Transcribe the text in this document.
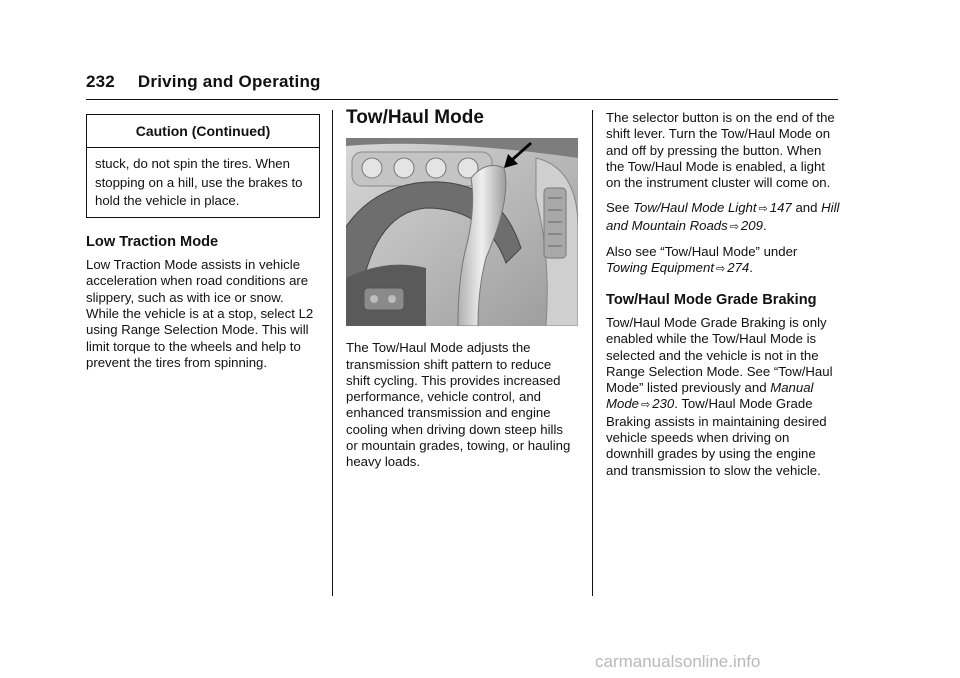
232 Driving and Operating
Caution (Continued)
stuck, do not spin the tires. When stopping on a hill, use the brakes to hold the vehicle in place.
Low Traction Mode

Low Traction Mode assists in vehicle acceleration when road conditions are slippery, such as with ice or snow. While the vehicle is at a stop, select L2 using Range Selection Mode. This will limit torque to the wheels and help to prevent the tires from spinning.

Tow/Haul Mode

The Tow/Haul Mode adjusts the transmission shift pattern to reduce shift cycling. This provides increased performance, vehicle control, and enhanced transmission and engine cooling when driving down steep hills or mountain grades, towing, or hauling heavy loads.

The selector button is on the end of the shift lever. Turn the Tow/Haul Mode on and off by pressing the button. When the Tow/Haul Mode is enabled, a light on the instrument cluster will come on.

See Tow/Haul Mode Light ⇨ 147 and Hill and Mountain Roads ⇨ 209.

Also see “Tow/Haul Mode” under Towing Equipment ⇨ 274.

Tow/Haul Mode Grade Braking

Tow/Haul Mode Grade Braking is only enabled while the Tow/Haul Mode is selected and the vehicle is not in the Range Selection Mode. See “Tow/Haul Mode” listed previously and Manual Mode ⇨ 230. Tow/Haul Mode Grade Braking assists in maintaining desired vehicle speeds when driving on downhill grades by using the engine and transmission to slow the vehicle.

carmanualsonline.info
